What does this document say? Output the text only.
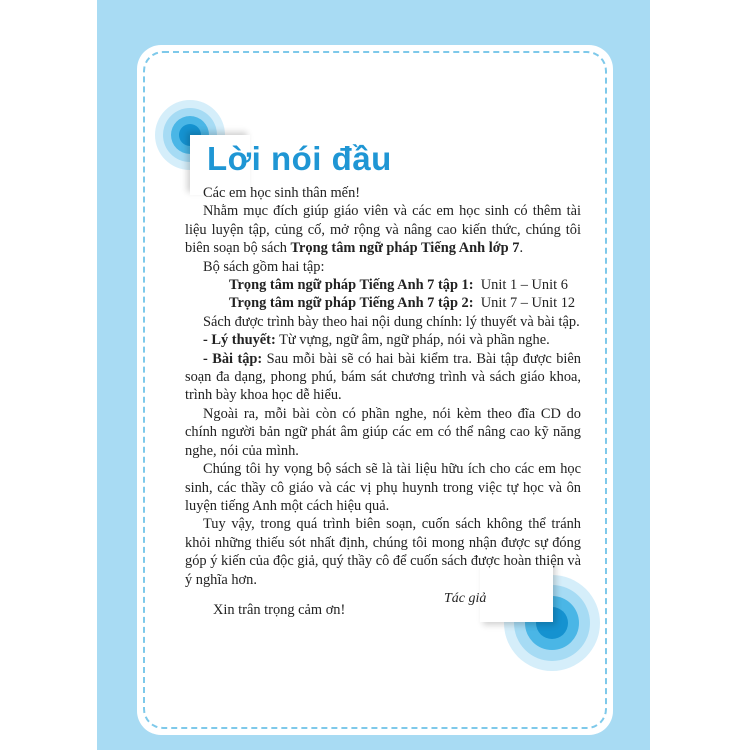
Lời nói đầu

Các em học sinh thân mến!

Nhằm mục đích giúp giáo viên và các em học sinh có thêm tài liệu luyện tập, củng cố, mở rộng và nâng cao kiến thức, chúng tôi biên soạn bộ sách Trọng tâm ngữ pháp Tiếng Anh lớp 7.

Bộ sách gồm hai tập:

Trọng tâm ngữ pháp Tiếng Anh 7 tập 1: Unit 1 – Unit 6

Trọng tâm ngữ pháp Tiếng Anh 7 tập 2: Unit 7 – Unit 12

Sách được trình bày theo hai nội dung chính: lý thuyết và bài tập.

- Lý thuyết: Từ vựng, ngữ âm, ngữ pháp, nói và phần nghe.

- Bài tập: Sau mỗi bài sẽ có hai bài kiểm tra. Bài tập được biên soạn đa dạng, phong phú, bám sát chương trình và sách giáo khoa, trình bày khoa học dễ hiểu.

Ngoài ra, mỗi bài còn có phần nghe, nói kèm theo đĩa CD do chính người bản ngữ phát âm giúp các em có thể nâng cao kỹ năng nghe, nói của mình.

Chúng tôi hy vọng bộ sách sẽ là tài liệu hữu ích cho các em học sinh, các thầy cô giáo và các vị phụ huynh trong việc tự học và ôn luyện tiếng Anh một cách hiệu quả.

Tuy vậy, trong quá trình biên soạn, cuốn sách không thể tránh khỏi những thiếu sót nhất định, chúng tôi mong nhận được sự đóng góp ý kiến của độc giả, quý thầy cô để cuốn sách được hoàn thiện và ý nghĩa hơn.

Xin trân trọng cảm ơn!

Tác giả
